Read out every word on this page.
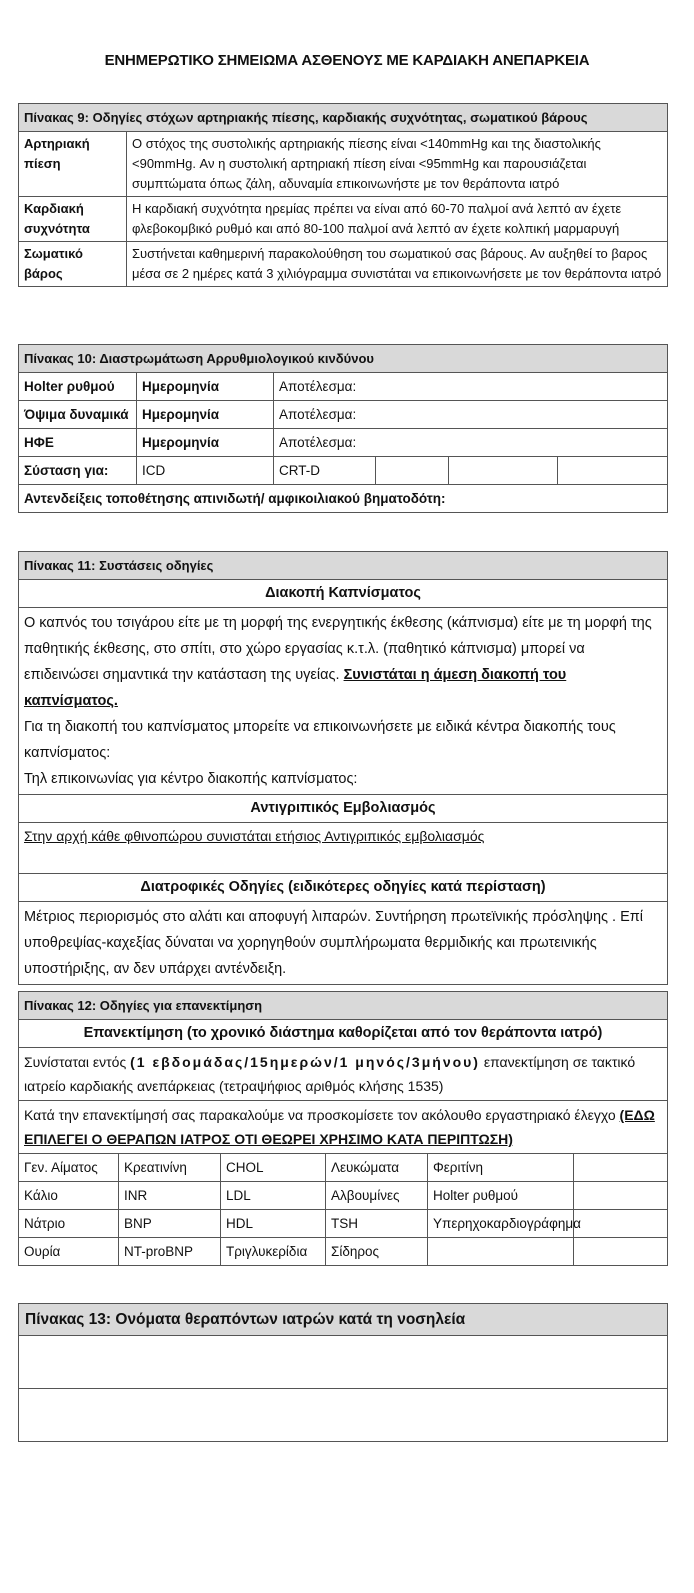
ΕΝΗΜΕΡΩΤΙΚΟ ΣΗΜΕΙΩΜΑ ΑΣΘΕΝΟΥΣ ΜΕ ΚΑΡΔΙΑΚΗ ΑΝΕΠΑΡΚΕΙΑ
Πίνακας 9: Οδηγίες στόχων αρτηριακής πίεσης, καρδιακής συχνότητας, σωματικού βάρους	
Αρτηριακή πίεση	Ο στόχος της συστολικής αρτηριακής πίεσης είναι <140mmHg και της διαστολικής <90mmHg. Αν η συστολική αρτηριακή πίεση είναι <95mmHg και παρουσιάζεται συμπτώματα όπως ζάλη, αδυναμία επικοινωνήστε με τον θεράποντα ιατρό
Καρδιακή συχνότητα	Η καρδιακή συχνότητα ηρεμίας πρέπει να είναι από 60-70 παλμοί ανά λεπτό αν έχετε φλεβοκομβικό ρυθμό και από 80-100 παλμοί ανά λεπτό αν έχετε κολπική μαρμαρυγή
Σωματικό βάρος	Συστήνεται καθημερινή παρακολούθηση του σωματικού σας βάρους. Αν αυξηθεί το βαρος μέσα σε 2 ημέρες κατά 3 χιλιόγραμμα συνιστάται να επικοινωνήσετε με τον θεράποντα ιατρό
Πίνακας 10: Διαστρωμάτωση Αρρυθμιολογικού κινδύνου					
Holter ρυθμού	Ημερομηνία	Αποτέλεσμα:			
Όψιμα δυναμικά	Ημερομηνία	Αποτέλεσμα:			
ΗΦΕ	Ημερομηνία	Αποτέλεσμα:			
Σύσταση για:	ICD	CRT-D			
Αντενδείξεις τοποθέτησης απινιδωτή/ αμφικοιλιακού βηματοδότη:					
Πίνακας 11: Συστάσεις οδηγίες
Διακοπή Καπνίσματος
Ο καπνός του τσιγάρου είτε με τη μορφή της ενεργητικής έκθεσης (κάπνισμα) είτε με τη μορφή της παθητικής έκθεσης, στο σπίτι, στο χώρο εργασίας κ.τ.λ. (παθητικό κάπνισμα) μπορεί να επιδεινώσει σημαντικά την κατάσταση της υγείας. Συνιστάται η άμεση διακοπή του καπνίσματος.
Για τη διακοπή του καπνίσματος μπορείτε να επικοινωνήσετε με ειδικά κέντρα διακοπής τους καπνίσματος:
Τηλ επικοινωνίας για κέντρο διακοπής καπνίσματος:
Αντιγριπικός Εμβολιασμός
Στην αρχή κάθε φθινοπώρου συνιστάται ετήσιος Αντιγριπικός εμβολιασμός
Διατροφικές Οδηγίες (ειδικότερες οδηγίες κατά περίσταση)
Μέτριος περιορισμός στο αλάτι και αποφυγή λιπαρών. Συντήρηση πρωτεϊνικής πρόσληψης . Επί υποθρεψίας-καχεξίας δύναται να χορηγηθούν συμπλήρωματα θερμιδικής και πρωτεινικής υποστήριξης, αν δεν υπάρχει αντένδειξη.
Πίνακας 12: Οδηγίες για επανεκτίμηση					
Επανεκτίμηση (το χρονικό διάστημα καθορίζεται από τον θεράποντα ιατρό)					
Συνίσταται εντός (1 εβδομάδας/15ημερών/1 μηνός/3μήνου) επανεκτίμηση σε τακτικό ιατρείο καρδιακής ανεπάρκειας (τετραψήφιος αριθμός κλήσης 1535)					
Κατά την επανεκτίμησή σας παρακαλούμε να προσκομίσετε τον ακόλουθο εργαστηριακό έλεγχο (ΕΔΩ ΕΠΙΛΕΓΕΙ Ο ΘΕΡΑΠΩΝ ΙΑΤΡΟΣ ΟΤΙ ΘΕΩΡΕΙ ΧΡΗΣΙΜΟ ΚΑΤΑ ΠΕΡΙΠΤΩΣΗ)					
Γεν. Αίματος	Κρεατινίνη	CHOL	Λευκώματα	Φεριτίνη	
Κάλιο	INR	LDL	Αλβουμίνες	Holter ρυθμού	
Νάτριο	BNP	HDL	TSH	Υπερηχοκαρδιογράφημα	
Ουρία	NT-proBNP	Τριγλυκερίδια	Σίδηρος		
Πίνακας 13: Ονόματα θεραπόντων ιατρών κατά τη νοσηλεία
